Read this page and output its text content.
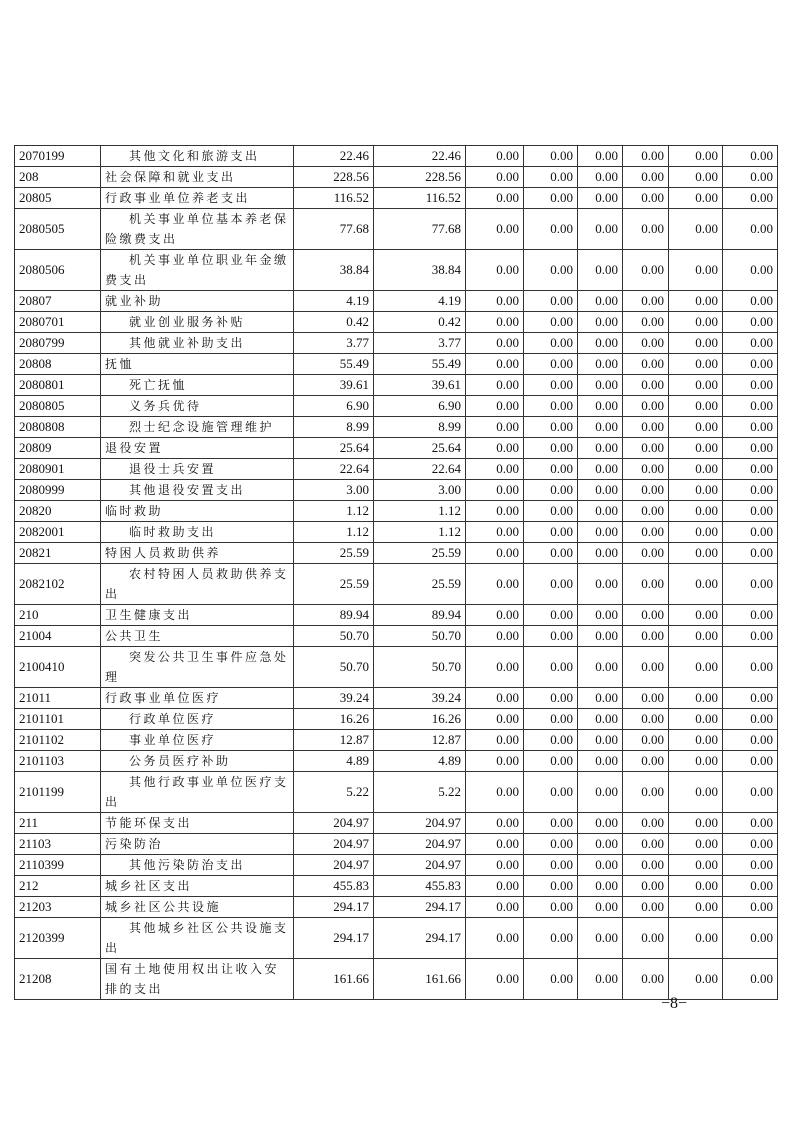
2070199	其他文化和旅游支出	22.46	22.46	0.00	0.00	0.00	0.00	0.00	0.00
208	社会保障和就业支出	228.56	228.56	0.00	0.00	0.00	0.00	0.00	0.00
20805	行政事业单位养老支出	116.52	116.52	0.00	0.00	0.00	0.00	0.00	0.00
2080505	机关事业单位基本养老保险缴费支出	77.68	77.68	0.00	0.00	0.00	0.00	0.00	0.00
2080506	机关事业单位职业年金缴费支出	38.84	38.84	0.00	0.00	0.00	0.00	0.00	0.00
20807	就业补助	4.19	4.19	0.00	0.00	0.00	0.00	0.00	0.00
2080701	就业创业服务补贴	0.42	0.42	0.00	0.00	0.00	0.00	0.00	0.00
2080799	其他就业补助支出	3.77	3.77	0.00	0.00	0.00	0.00	0.00	0.00
20808	抚恤	55.49	55.49	0.00	0.00	0.00	0.00	0.00	0.00
2080801	死亡抚恤	39.61	39.61	0.00	0.00	0.00	0.00	0.00	0.00
2080805	义务兵优待	6.90	6.90	0.00	0.00	0.00	0.00	0.00	0.00
2080808	烈士纪念设施管理维护	8.99	8.99	0.00	0.00	0.00	0.00	0.00	0.00
20809	退役安置	25.64	25.64	0.00	0.00	0.00	0.00	0.00	0.00
2080901	退役士兵安置	22.64	22.64	0.00	0.00	0.00	0.00	0.00	0.00
2080999	其他退役安置支出	3.00	3.00	0.00	0.00	0.00	0.00	0.00	0.00
20820	临时救助	1.12	1.12	0.00	0.00	0.00	0.00	0.00	0.00
2082001	临时救助支出	1.12	1.12	0.00	0.00	0.00	0.00	0.00	0.00
20821	特困人员救助供养	25.59	25.59	0.00	0.00	0.00	0.00	0.00	0.00
2082102	农村特困人员救助供养支出	25.59	25.59	0.00	0.00	0.00	0.00	0.00	0.00
210	卫生健康支出	89.94	89.94	0.00	0.00	0.00	0.00	0.00	0.00
21004	公共卫生	50.70	50.70	0.00	0.00	0.00	0.00	0.00	0.00
2100410	突发公共卫生事件应急处理	50.70	50.70	0.00	0.00	0.00	0.00	0.00	0.00
21011	行政事业单位医疗	39.24	39.24	0.00	0.00	0.00	0.00	0.00	0.00
2101101	行政单位医疗	16.26	16.26	0.00	0.00	0.00	0.00	0.00	0.00
2101102	事业单位医疗	12.87	12.87	0.00	0.00	0.00	0.00	0.00	0.00
2101103	公务员医疗补助	4.89	4.89	0.00	0.00	0.00	0.00	0.00	0.00
2101199	其他行政事业单位医疗支出	5.22	5.22	0.00	0.00	0.00	0.00	0.00	0.00
211	节能环保支出	204.97	204.97	0.00	0.00	0.00	0.00	0.00	0.00
21103	污染防治	204.97	204.97	0.00	0.00	0.00	0.00	0.00	0.00
2110399	其他污染防治支出	204.97	204.97	0.00	0.00	0.00	0.00	0.00	0.00
212	城乡社区支出	455.83	455.83	0.00	0.00	0.00	0.00	0.00	0.00
21203	城乡社区公共设施	294.17	294.17	0.00	0.00	0.00	0.00	0.00	0.00
2120399	其他城乡社区公共设施支出	294.17	294.17	0.00	0.00	0.00	0.00	0.00	0.00
21208	国有土地使用权出让收入安排的支出	161.66	161.66	0.00	0.00	0.00	0.00	0.00	0.00
−8−
